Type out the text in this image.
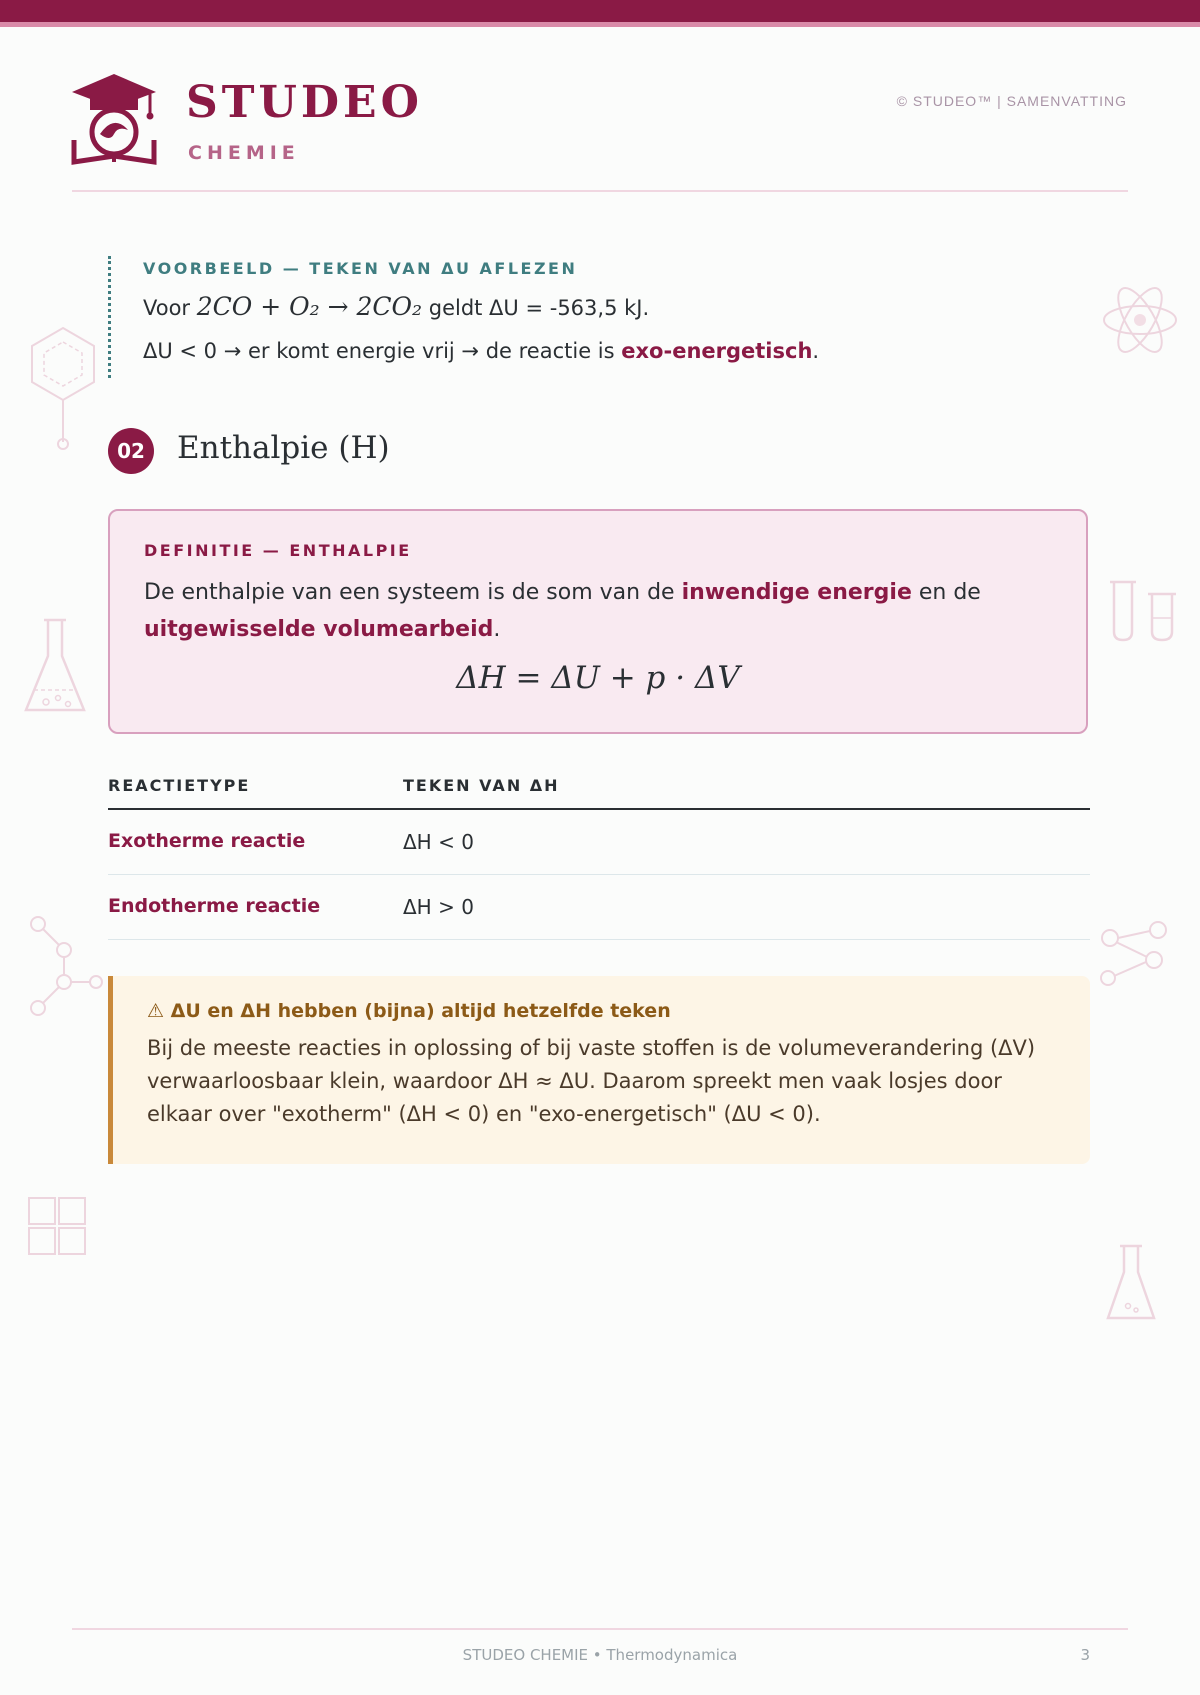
STUDEO
CHEMIE
© STUDEO™ | SAMENVATTING
VOORBEELD — TEKEN VAN ΔU AFLEZEN
Voor 2CO + O₂ → 2CO₂ geldt ΔU = -563,5 kJ.
ΔU < 0 → er komt energie vrij → de reactie is exo-energetisch.
02 Enthalpie (H)
DEFINITIE — ENTHALPIE
De enthalpie van een systeem is de som van de inwendige energie en de uitgewisselde volumearbeid.
ΔH = ΔU + p · ΔV
REACTIETYPE	TEKEN VAN ΔH
Exotherme reactie	ΔH < 0
Endotherme reactie	ΔH > 0
⚠ ΔU en ΔH hebben (bijna) altijd hetzelfde teken
Bij de meeste reacties in oplossing of bij vaste stoffen is de volumeverandering (ΔV) verwaarloosbaar klein, waardoor ΔH ≈ ΔU. Daarom spreekt men vaak losjes door elkaar over "exotherm" (ΔH < 0) en "exo-energetisch" (ΔU < 0).
STUDEO CHEMIE • Thermodynamica	3
